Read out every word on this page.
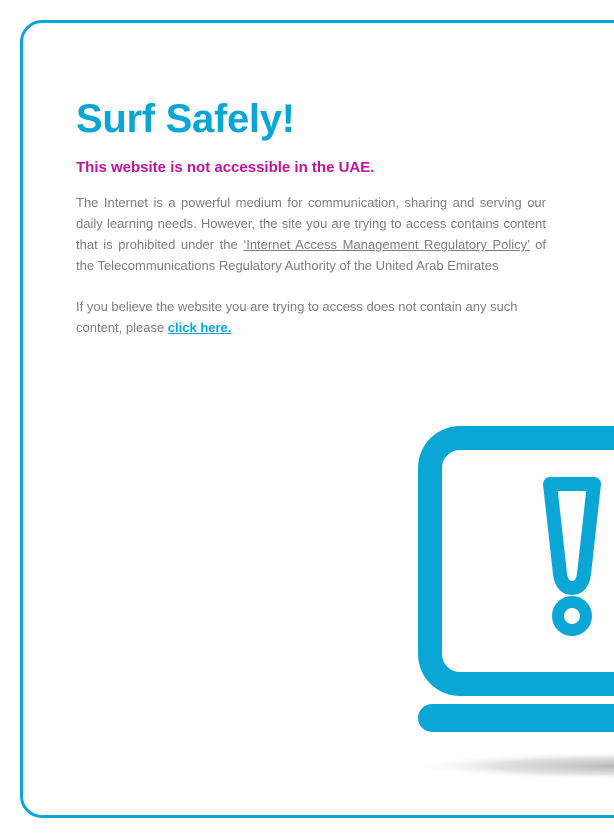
Surf Safely!
This website is not accessible in the UAE.

The Internet is a powerful medium for communication, sharing and serving our daily learning needs. However, the site you are trying to access contains content that is prohibited under the ‘Internet Access Management Regulatory Policy’ of the Telecommunications Regulatory Authority of the United Arab Emirates

If you believe the website you are trying to access does not contain any such content, please click here.
